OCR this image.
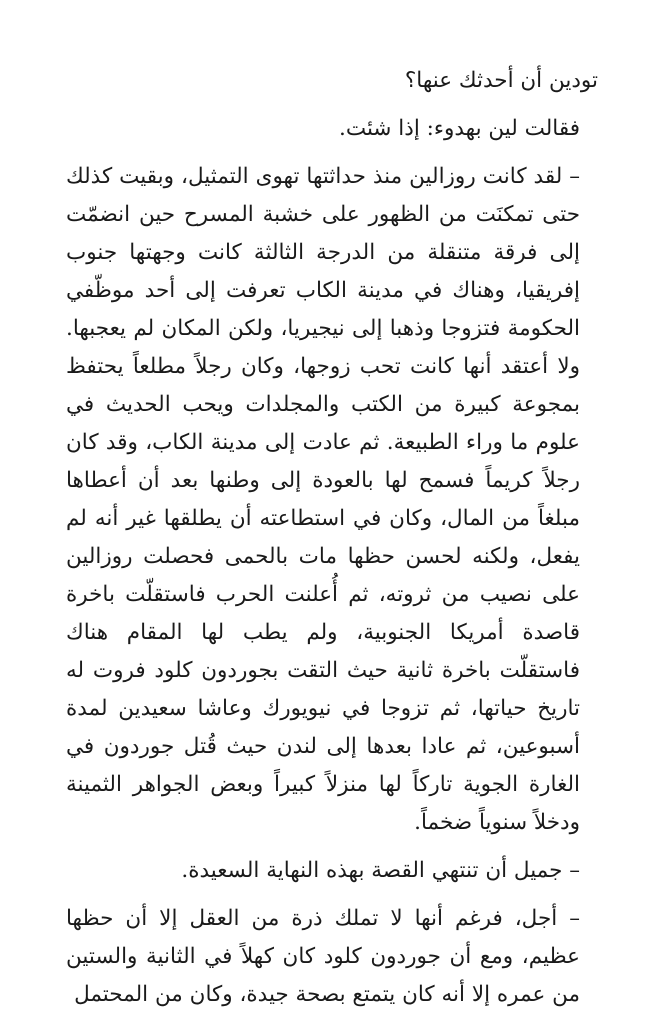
تودين أن أحدثك عنها؟

فقالت لين بهدوء: إذا شئت.

– لقد كانت روزالين منذ حداثتها تهوى التمثيل، وبقيت كذلك حتى تمكنَت من الظهور على خشبة المسرح حين انضمّت إلى فرقة متنقلة من الدرجة الثالثة كانت وجهتها جنوب إفريقيا، وهناك في مدينة الكاب تعرفت إلى أحد موظّفي الحكومة فتزوجا وذهبا إلى نيجيريا، ولكن المكان لم يعجبها. ولا أعتقد أنها كانت تحب زوجها، وكان رجلاً مطلعاً يحتفظ بمجوعة كبيرة من الكتب والمجلدات ويحب الحديث في علوم ما وراء الطبيعة. ثم عادت إلى مدينة الكاب، وقد كان رجلاً كريماً فسمح لها بالعودة إلى وطنها بعد أن أعطاها مبلغاً من المال، وكان في استطاعته أن يطلقها غير أنه لم يفعل، ولكنه لحسن حظها مات بالحمى فحصلت روزالين على نصيب من ثروته، ثم أُعلنت الحرب فاستقلّت باخرة قاصدة أمريكا الجنوبية، ولم يطب لها المقام هناك فاستقلّت باخرة ثانية حيث التقت بجوردون كلود فروت له تاريخ حياتها، ثم تزوجا في نيويورك وعاشا سعيدين لمدة أسبوعين، ثم عادا بعدها إلى لندن حيث قُتل جوردون في الغارة الجوية تاركاً لها منزلاً كبيراً وبعض الجواهر الثمينة ودخلاً سنوياً ضخماً.

– جميل أن تنتهي القصة بهذه النهاية السعيدة.

– أجل، فرغم أنها لا تملك ذرة من العقل إلا أن حظها عظيم، ومع أن جوردون كلود كان كهلاً في الثانية والستين من عمره إلا أنه كان يتمتع بصحة جيدة، وكان من المحتمل
